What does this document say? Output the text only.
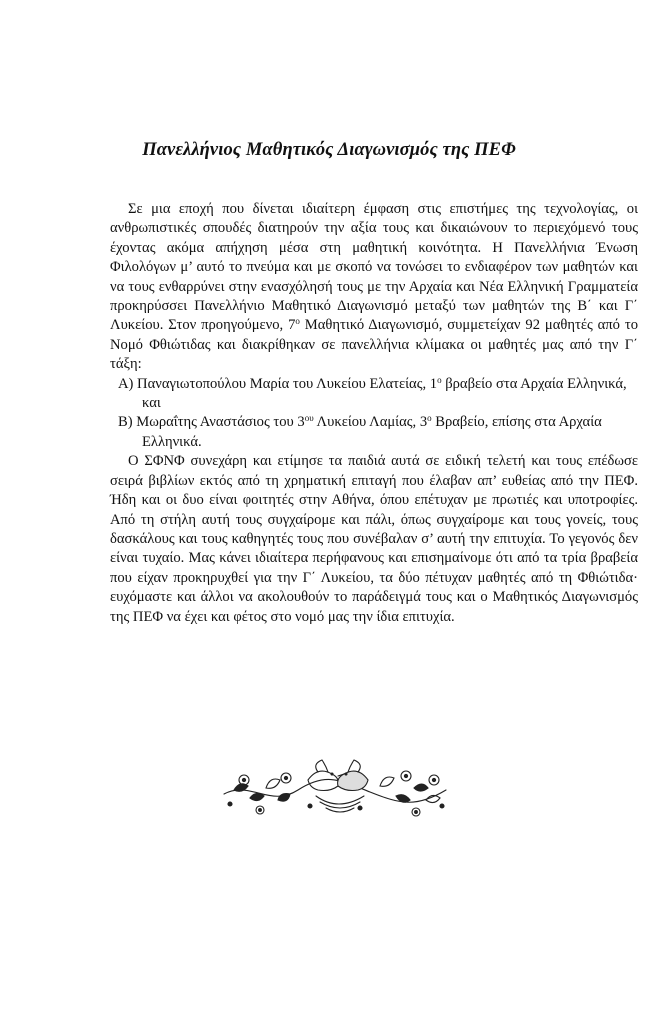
Πανελλήνιος Μαθητικός Διαγωνισμός της ΠΕΦ

Σε μια εποχή που δίνεται ιδιαίτερη έμφαση στις επιστήμες της τεχνολογίας, οι ανθρωπιστικές σπουδές διατηρούν την αξία τους και δικαιώνουν το περιεχόμενό τους έχοντας ακόμα απήχηση μέσα στη μαθητική κοινότητα. Η Πανελλήνια Ένωση Φιλολόγων μ’ αυτό το πνεύμα και με σκοπό να τονώσει το ενδιαφέρον των μαθητών και να τους ενθαρρύνει στην ενασχόλησή τους με την Αρχαία και Νέα Ελληνική Γραμματεία προκηρύσσει Πανελλήνιο Μαθητικό Διαγωνισμό μεταξύ των μαθητών της Β΄ και Γ΄ Λυκείου. Στον προηγούμενο, $7^o$ Μαθητικό Διαγωνισμό, συμμετείχαν 92 μαθητές από το Νομό Φθιώτιδας και διακρίθηκαν σε πανελλήνια κλίμακα οι μαθητές μας από την Γ΄ τάξη:

Α) Παναγιωτοπούλου Μαρία του Λυκείου Ελατείας, $1^o$ βραβείο στα Αρχαία Ελληνικά, και

Β) Μωραΐτης Αναστάσιος του $3^{o\upsilon}$ Λυκείου Λαμίας, $3^o$ Βραβείο, επίσης στα Αρχαία Ελληνικά.

Ο ΣΦΝΦ συνεχάρη και ετίμησε τα παιδιά αυτά σε ειδική τελετή και τους επέδωσε σειρά βιβλίων εκτός από τη χρηματική επιταγή που έλαβαν απ’ ευθείας από την ΠΕΦ. Ήδη και οι δυο είναι φοιτητές στην Αθήνα, όπου επέτυχαν με πρωτιές και υποτροφίες. Από τη στήλη αυτή τους συγχαίρομε και πάλι, όπως συγχαίρομε και τους γονείς, τους δασκάλους και τους καθηγητές τους που συνέβαλαν σ’ αυτή την επιτυχία. Το γεγονός δεν είναι τυχαίο. Μας κάνει ιδιαίτερα περήφανους και επισημαίνομε ότι από τα τρία βραβεία που είχαν προκηρυχθεί για την Γ΄ Λυκείου, τα δύο πέτυχαν μαθητές από τη Φθιώτιδα· ευχόμαστε και άλλοι να ακολουθούν το παράδειγμά τους και ο Μαθητικός Διαγωνισμός της ΠΕΦ να έχει και φέτος στο νομό μας την ίδια επιτυχία.
